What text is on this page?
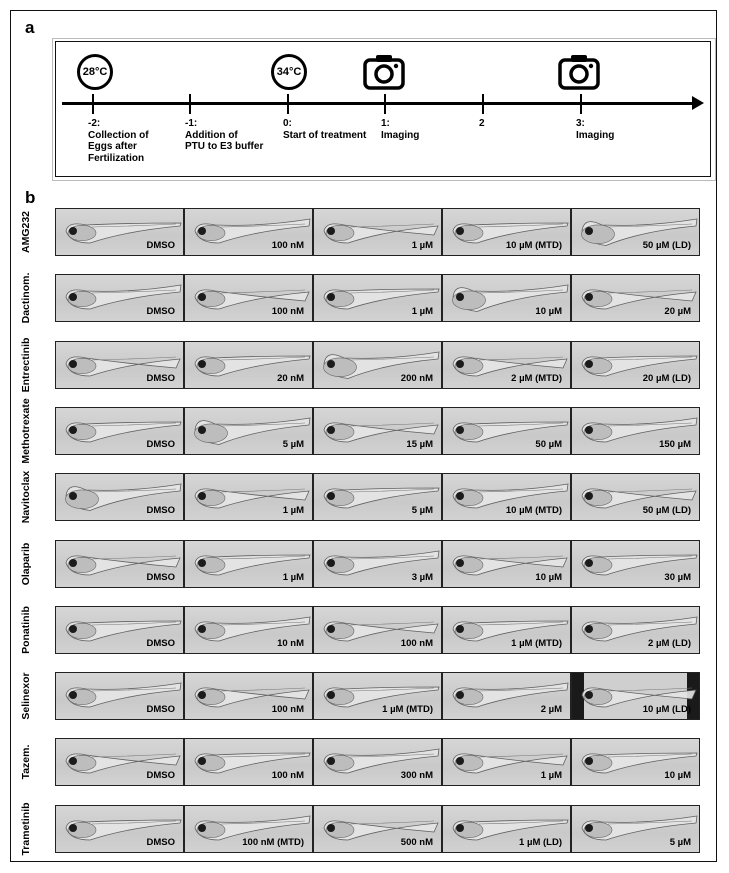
a
b
-2:
Collection of
Eggs after
Fertilization
-1:
Addition of
PTU to E3 buffer
0:
Start of treatment
1:
Imaging
2	3:
Imaging
28°C	34°C
AMG232	DMSO	100 nM	1 µM	10 µM (MTD)	50 µM (LD)
Dactinom.	DMSO	100 nM	1 µM	10 µM	20 µM
Entrectinib	DMSO	20 nM	200 nM	2 µM (MTD)	20 µM (LD)
Methotrexate	DMSO	5 µM	15 µM	50 µM	150 µM
Navitoclax	DMSO	1 µM	5 µM	10 µM (MTD)	50 µM (LD)
Olaparib	DMSO	1 µM	3 µM	10 µM	30 µM
Ponatinib	DMSO	10 nM	100 nM	1 µM (MTD)	2 µM (LD)
Selinexor	DMSO	100 nM	1 µM (MTD)	2 µM	10 µM (LD)
Tazem.	DMSO	100 nM	300 nM	1 µM	10 µM
Trametinib	DMSO	100 nM (MTD)	500 nM	1 µM (LD)	5 µM
